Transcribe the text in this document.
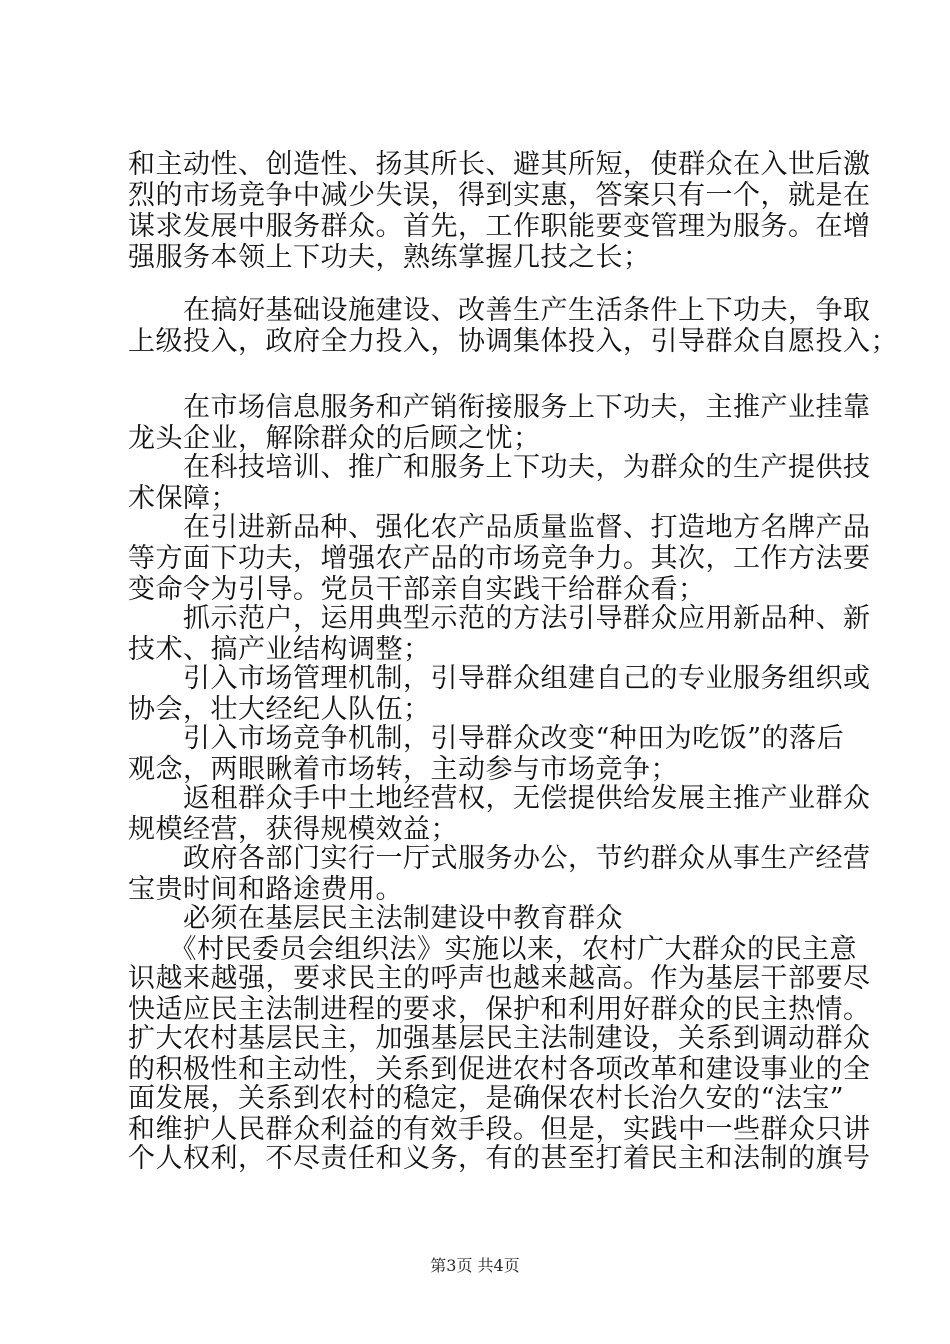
和主动性、创造性、扬其所长、避其所短，使群众在入世后激
烈的市场竞争中减少失误，得到实惠，答案只有一个，就是在
谋求发展中服务群众。首先，工作职能要变管理为服务。在增
强服务本领上下功夫，熟练掌握几技之长；
　　在搞好基础设施建设、改善生产生活条件上下功夫，争取
上级投入，政府全力投入，协调集体投入，引导群众自愿投入；
　　在市场信息服务和产销衔接服务上下功夫，主推产业挂靠
龙头企业，解除群众的后顾之忧；
　　在科技培训、推广和服务上下功夫，为群众的生产提供技
术保障；
　　在引进新品种、强化农产品质量监督、打造地方名牌产品
等方面下功夫，增强农产品的市场竞争力。其次，工作方法要
变命令为引导。党员干部亲自实践干给群众看；
　　抓示范户，运用典型示范的方法引导群众应用新品种、新
技术、搞产业结构调整；
　　引入市场管理机制，引导群众组建自己的专业服务组织或
协会，壮大经纪人队伍；
　　引入市场竞争机制，引导群众改变“种田为吃饭”的落后
观念，两眼瞅着市场转，主动参与市场竞争；
　　返租群众手中土地经营权，无偿提供给发展主推产业群众
规模经营，获得规模效益；
　　政府各部门实行一厅式服务办公，节约群众从事生产经营
宝贵时间和路途费用。
　　必须在基层民主法制建设中教育群众
　　《村民委员会组织法》实施以来，农村广大群众的民主意
识越来越强，要求民主的呼声也越来越高。作为基层干部要尽
快适应民主法制进程的要求，保护和利用好群众的民主热情。
扩大农村基层民主，加强基层民主法制建设，关系到调动群众
的积极性和主动性，关系到促进农村各项改革和建设事业的全
面发展，关系到农村的稳定，是确保农村长治久安的“法宝”
和维护人民群众利益的有效手段。但是，实践中一些群众只讲
个人权利，不尽责任和义务，有的甚至打着民主和法制的旗号
第3页 共4页
